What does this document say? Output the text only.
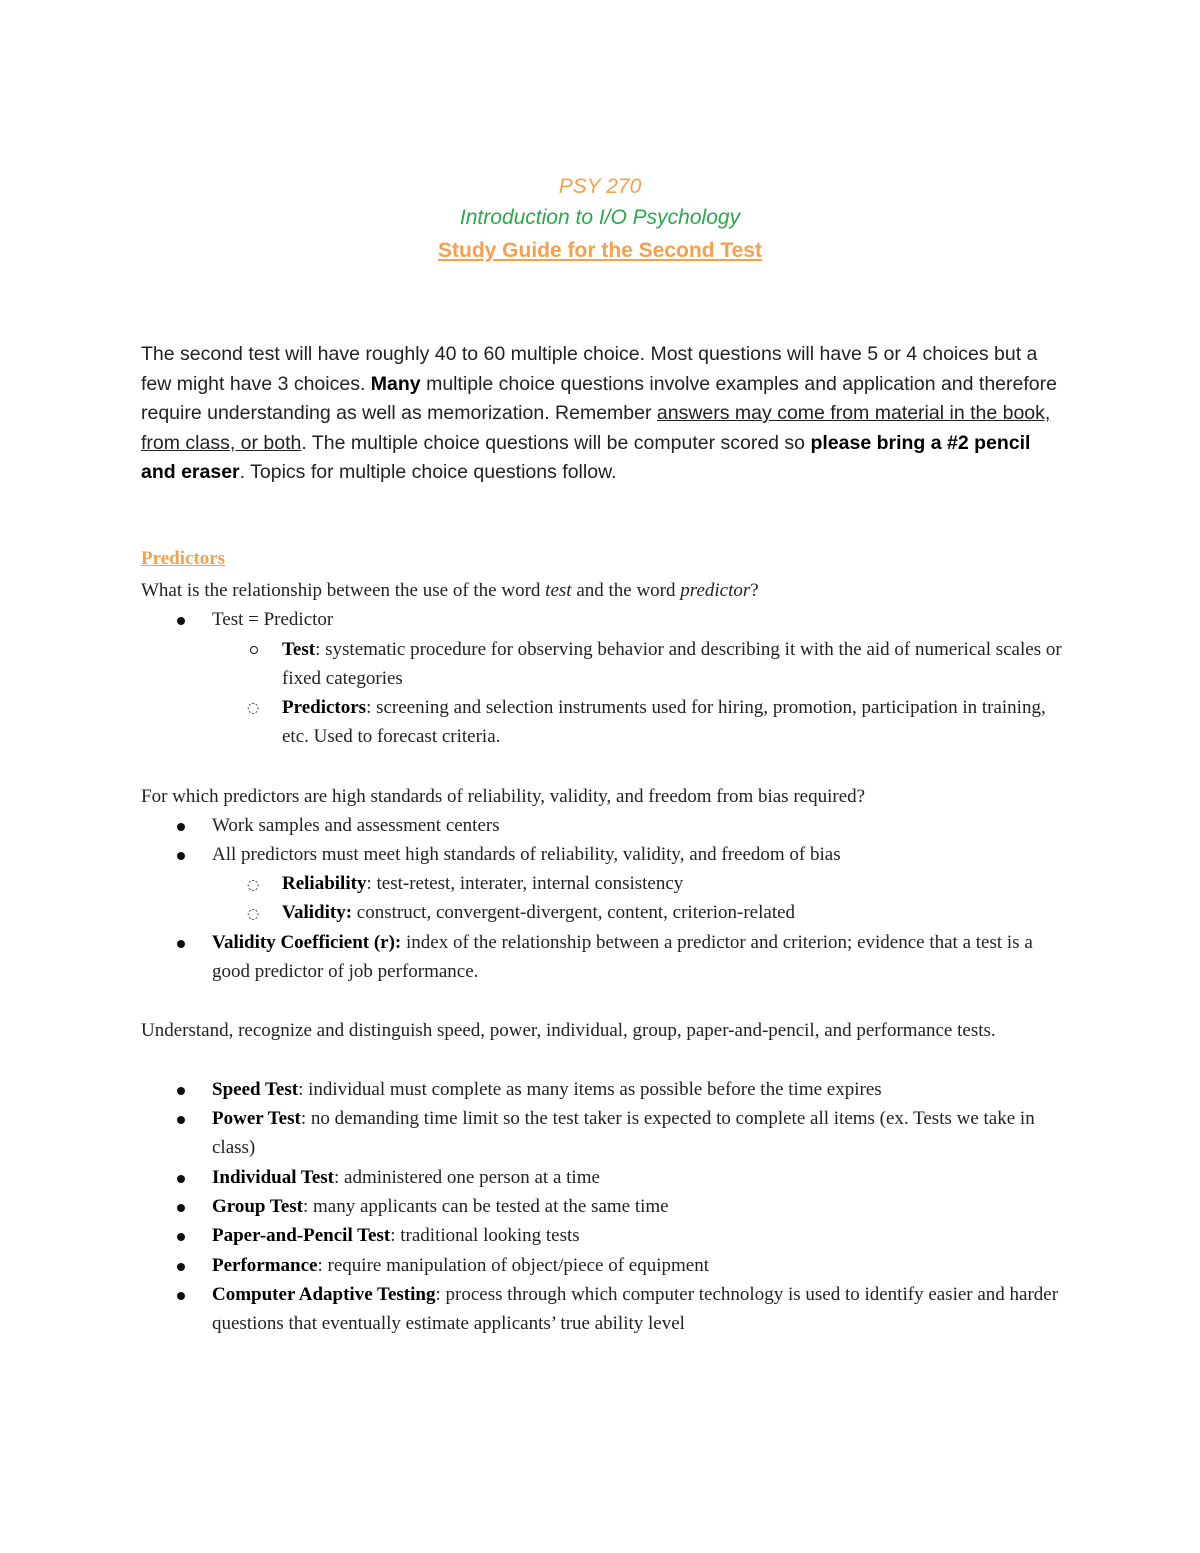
PSY 270
Introduction to I/O Psychology
Study Guide for the Second Test
The second test will have roughly 40 to 60 multiple choice. Most questions will have 5 or 4 choices but a few might have 3 choices. Many multiple choice questions involve examples and application and therefore require understanding as well as memorization. Remember answers may come from material in the book, from class, or both. The multiple choice questions will be computer scored so please bring a #2 pencil and eraser. Topics for multiple choice questions follow.
Predictors
What is the relationship between the use of the word test and the word predictor?
Test = Predictor
Test: systematic procedure for observing behavior and describing it with the aid of numerical scales or fixed categories
◌ Predictors: screening and selection instruments used for hiring, promotion, participation in training, etc. Used to forecast criteria.
For which predictors are high standards of reliability, validity, and freedom from bias required?
Work samples and assessment centers
All predictors must meet high standards of reliability, validity, and freedom of bias
◌ Reliability: test-retest, interater, internal consistency
◌ Validity: construct, convergent-divergent, content, criterion-related
Validity Coefficient (r): index of the relationship between a predictor and criterion; evidence that a test is a good predictor of job performance.
Understand, recognize and distinguish speed, power, individual, group, paper-and-pencil, and performance tests.
Speed Test: individual must complete as many items as possible before the time expires
Power Test: no demanding time limit so the test taker is expected to complete all items (ex. Tests we take in class)
Individual Test: administered one person at a time
Group Test: many applicants can be tested at the same time
Paper-and-Pencil Test: traditional looking tests
Performance: require manipulation of object/piece of equipment
Computer Adaptive Testing: process through which computer technology is used to identify easier and harder questions that eventually estimate applicants’ true ability level
